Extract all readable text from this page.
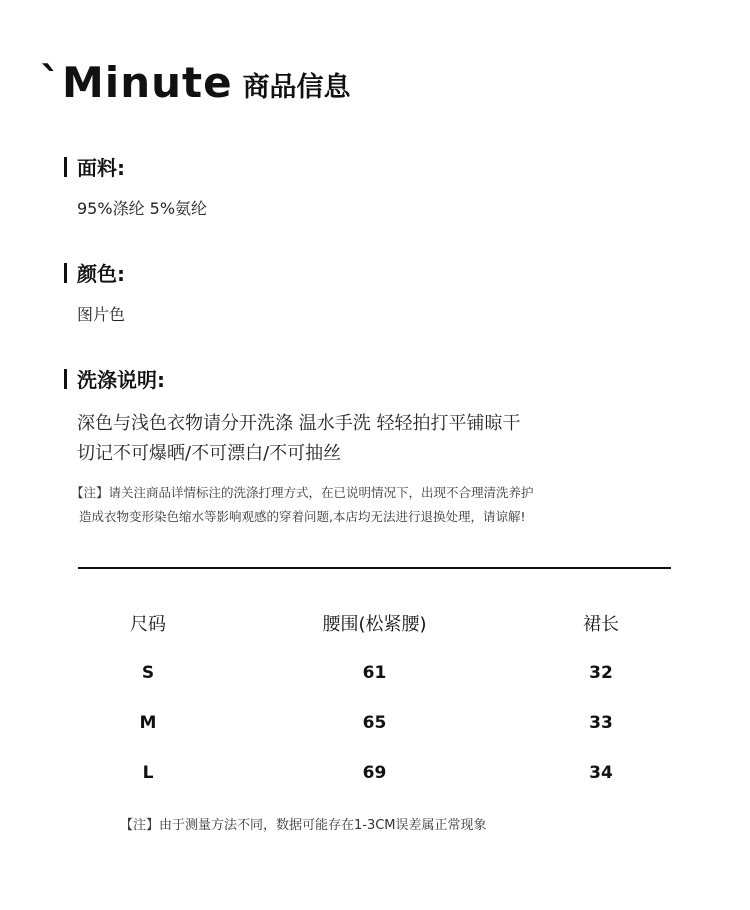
`Minute 商品信息
面料:
95%涤纶 5%氨纶
颜色:
图片色
洗涤说明:
深色与浅色衣物请分开洗涤 温水手洗 轻轻拍打平铺晾干
切记不可爆晒/不可漂白/不可抽丝
【注】请关注商品详情标注的洗涤打理方式，在已说明情况下，出现不合理清洗养护
造成衣物变形染色缩水等影响观感的穿着问题,本店均无法进行退换处理，请谅解!
尺码	腰围(松紧腰)	裙长
S	61	32
M	65	33
L	69	34
【注】由于测量方法不同，数据可能存在1-3CM误差属正常现象
